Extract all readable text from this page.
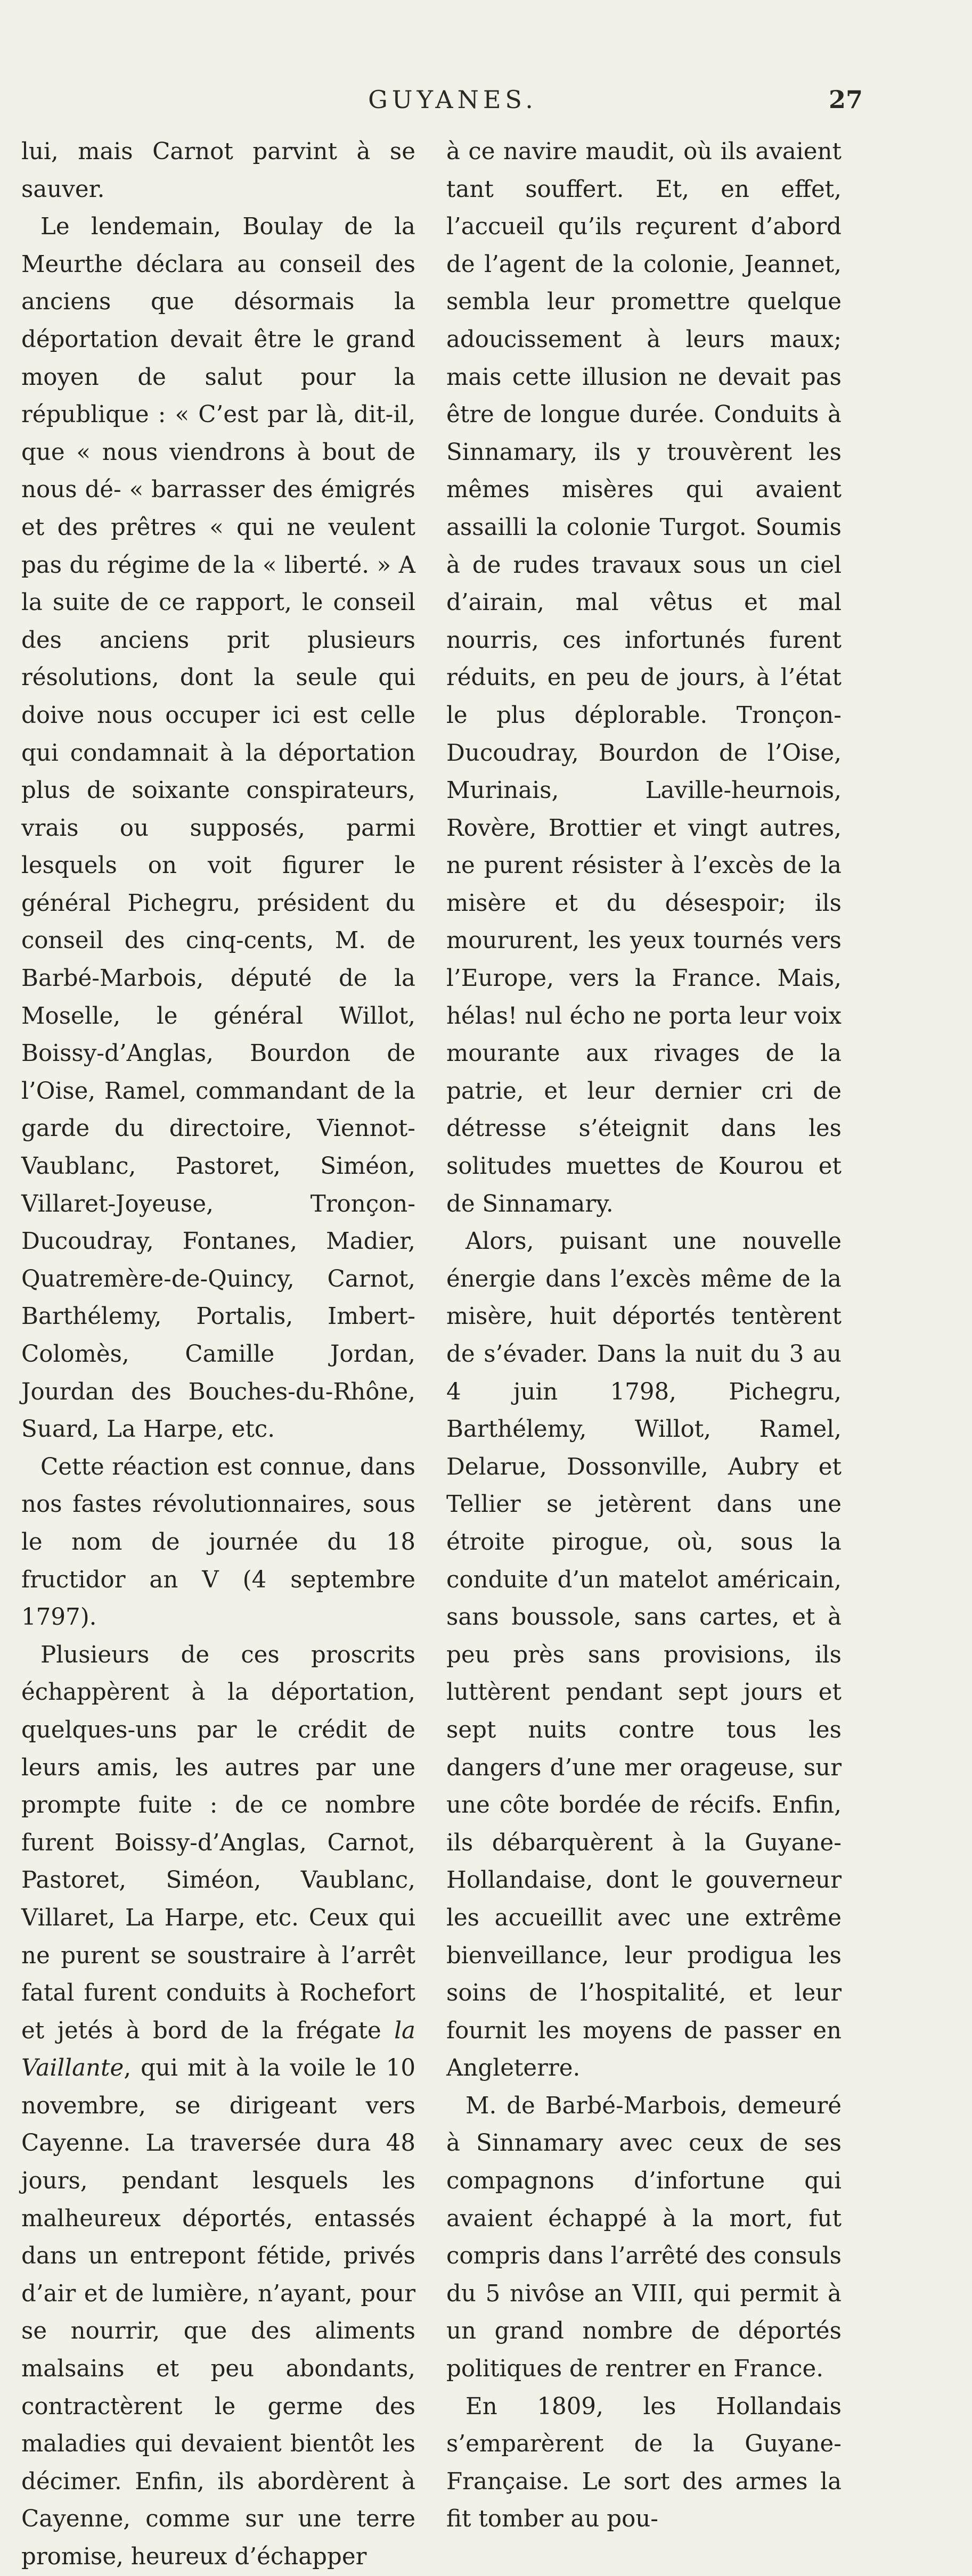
GUYANES.	27

lui, mais Carnot parvint à se sauver.

Le lendemain, Boulay de la Meurthe déclara au conseil des anciens que désormais la déportation devait être le grand moyen de salut pour la république : « C’est par là, dit-il, que « nous viendrons à bout de nous dé- « barrasser des émigrés et des prêtres « qui ne veulent pas du régime de la « liberté. » A la suite de ce rapport, le conseil des anciens prit plusieurs résolutions, dont la seule qui doive nous occuper ici est celle qui condamnait à la déportation plus de soixante conspirateurs, vrais ou supposés, parmi lesquels on voit figurer le général Pichegru, président du conseil des cinq-cents, M. de Barbé-Marbois, député de la Moselle, le général Willot, Boissy-d’Anglas, Bourdon de l’Oise, Ramel, commandant de la garde du directoire, Viennot-Vaublanc, Pastoret, Siméon, Villaret-Joyeuse, Tronçon-Ducoudray, Fontanes, Madier, Quatremère-de-Quincy, Carnot, Barthélemy, Portalis, Imbert-Colomès, Camille Jordan, Jourdan des Bouches-du-Rhône, Suard, La Harpe, etc.

Cette réaction est connue, dans nos fastes révolutionnaires, sous le nom de journée du 18 fructidor an V (4 septembre 1797).

Plusieurs de ces proscrits échappèrent à la déportation, quelques-uns par le crédit de leurs amis, les autres par une prompte fuite : de ce nombre furent Boissy-d’Anglas, Carnot, Pastoret, Siméon, Vaublanc, Villaret, La Harpe, etc. Ceux qui ne purent se soustraire à l’arrêt fatal furent conduits à Rochefort et jetés à bord de la frégate la Vaillante, qui mit à la voile le 10 novembre, se dirigeant vers Cayenne. La traversée dura 48 jours, pendant lesquels les malheureux déportés, entassés dans un entrepont fétide, privés d’air et de lumière, n’ayant, pour se nourrir, que des aliments malsains et peu abondants, contractèrent le germe des maladies qui devaient bientôt les décimer. Enfin, ils abordèrent à Cayenne, comme sur une terre promise, heureux d’échapper

à ce navire maudit, où ils avaient tant souffert. Et, en effet, l’accueil qu’ils reçurent d’abord de l’agent de la colonie, Jeannet, sembla leur promettre quelque adoucissement à leurs maux; mais cette illusion ne devait pas être de longue durée. Conduits à Sinnamary, ils y trouvèrent les mêmes misères qui avaient assailli la colonie Turgot. Soumis à de rudes travaux sous un ciel d’airain, mal vêtus et mal nourris, ces infortunés furent réduits, en peu de jours, à l’état le plus déplorable. Tronçon-Ducoudray, Bourdon de l’Oise, Murinais, Laville-heurnois, Rovère, Brottier et vingt autres, ne purent résister à l’excès de la misère et du désespoir; ils moururent, les yeux tournés vers l’Europe, vers la France. Mais, hélas! nul écho ne porta leur voix mourante aux rivages de la patrie, et leur dernier cri de détresse s’éteignit dans les solitudes muettes de Kourou et de Sinnamary.

Alors, puisant une nouvelle énergie dans l’excès même de la misère, huit déportés tentèrent de s’évader. Dans la nuit du 3 au 4 juin 1798, Pichegru, Barthélemy, Willot, Ramel, Delarue, Dossonville, Aubry et Tellier se jetèrent dans une étroite pirogue, où, sous la conduite d’un matelot américain, sans boussole, sans cartes, et à peu près sans provisions, ils luttèrent pendant sept jours et sept nuits contre tous les dangers d’une mer orageuse, sur une côte bordée de récifs. Enfin, ils débarquèrent à la Guyane-Hollandaise, dont le gouverneur les accueillit avec une extrême bienveillance, leur prodigua les soins de l’hospitalité, et leur fournit les moyens de passer en Angleterre.

M. de Barbé-Marbois, demeuré à Sinnamary avec ceux de ses compagnons d’infortune qui avaient échappé à la mort, fut compris dans l’arrêté des consuls du 5 nivôse an VIII, qui permit à un grand nombre de déportés politiques de rentrer en France.

En 1809, les Hollandais s’emparèrent de la Guyane-Française. Le sort des armes la fit tomber au pou-
